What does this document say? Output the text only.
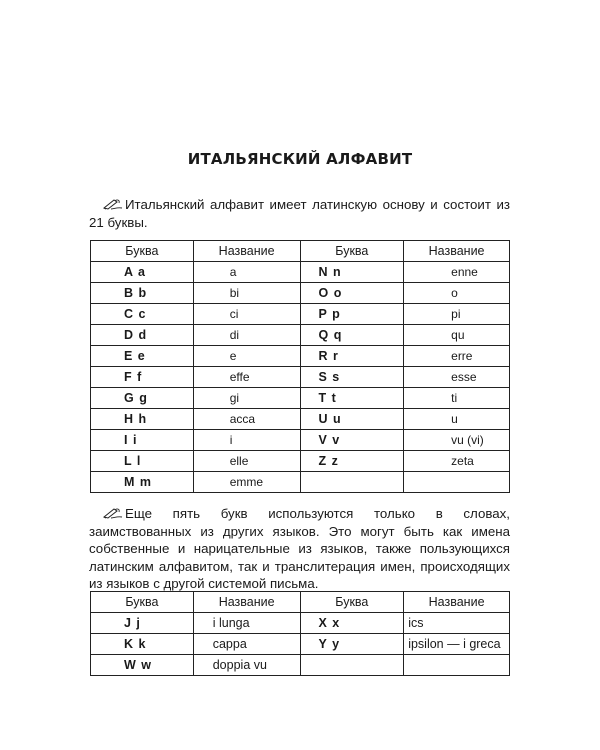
ИТАЛЬЯНСКИЙ АЛФАВИТ
Итальянский алфавит имеет латинскую основу и состоит из 21 буквы.
Буква	Название	Буква	Название
A a	a	N n	enne
B b	bi	O o	o
C c	ci	P p	pi
D d	di	Q q	qu
E e	e	R r	erre
F f	effe	S s	esse
G g	gi	T t	ti
H h	acca	U u	u
I i	i	V v	vu (vi)
L l	elle	Z z	zeta
M m	emme		
Еще пять букв используются только в словах, заимствованных из других языков. Это могут быть как имена собственные и нарицательные из языков, также пользующихся латинским алфавитом, так и транслитерация имен, происходящих из языков с другой системой письма.
Буква	Название	Буква	Название
J j	i lunga	X x	ics
K k	cappa	Y y	ipsilon — i greca
W w	doppia vu		
